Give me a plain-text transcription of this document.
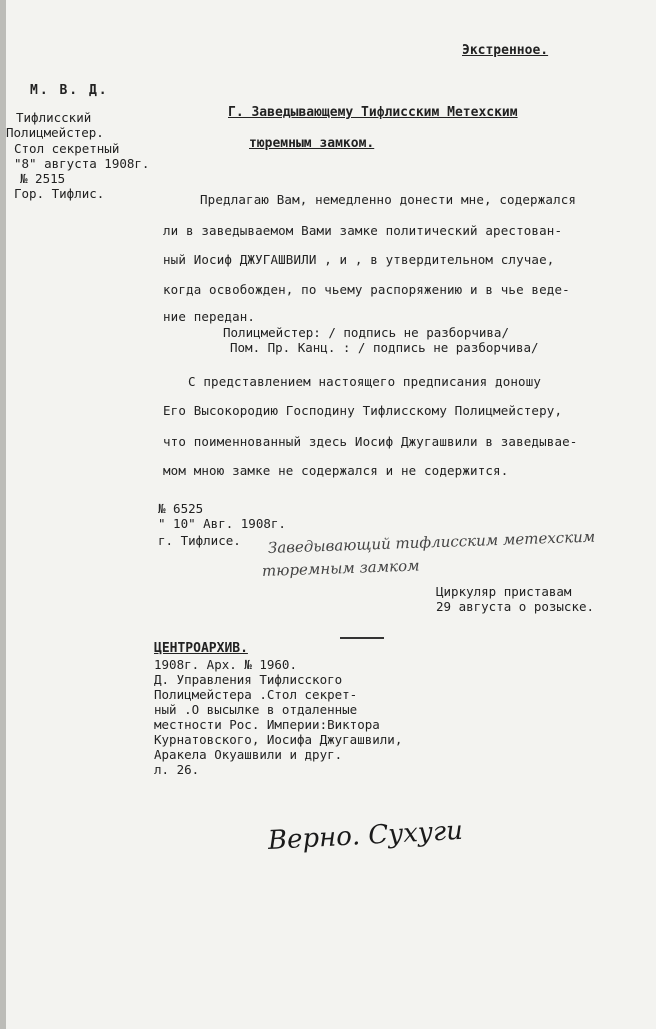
Экстренное.
М. В. Д.
Тифлисский
Полицмейстер.
Стол секретный
"8" августа 1908г.
№ 2515
Гор. Тифлис.
Г. Заведывающему Тифлисским Метехским
тюремным замком.
Предлагаю Вам, немедленно донести мне, содержался
ли в заведываемом Вами замке политический арестован-
ный Иосиф ДЖУГАШВИЛИ , и , в утвердительном случае,
когда освобожден, по чьему распоряжению и в чье веде-
ние передан.
Полицмейстер: / подпись не разборчива/
Пом. Пр. Канц. : / подпись не разборчива/
С представлением настоящего предписания доношу
Его Высокородию Господину Тифлисскому Полицмейстеру,
что поименнованный здесь Иосиф Джугашвили в заведывае-
мом мною замке не содержался и не содержится.
№ 6525
" 10" Авг. 1908г.
г. Тифлисе. Заведывающий тифлисским метехским
тюремным замком
Циркуляр приставам
29 августа о розыске.
ЦЕНТРОАРХИВ.
1908г. Арх. № 1960.
Д. Управления Тифлисского
Полицмейстера .Стол секрет-
ный .О высылке в отдаленные
местности Рос. Империи:Виктора
Курнатовского, Иосифа Джугашвили,
Аракела Окуашвили и друг.
л. 26.
Верно. Сухуги
